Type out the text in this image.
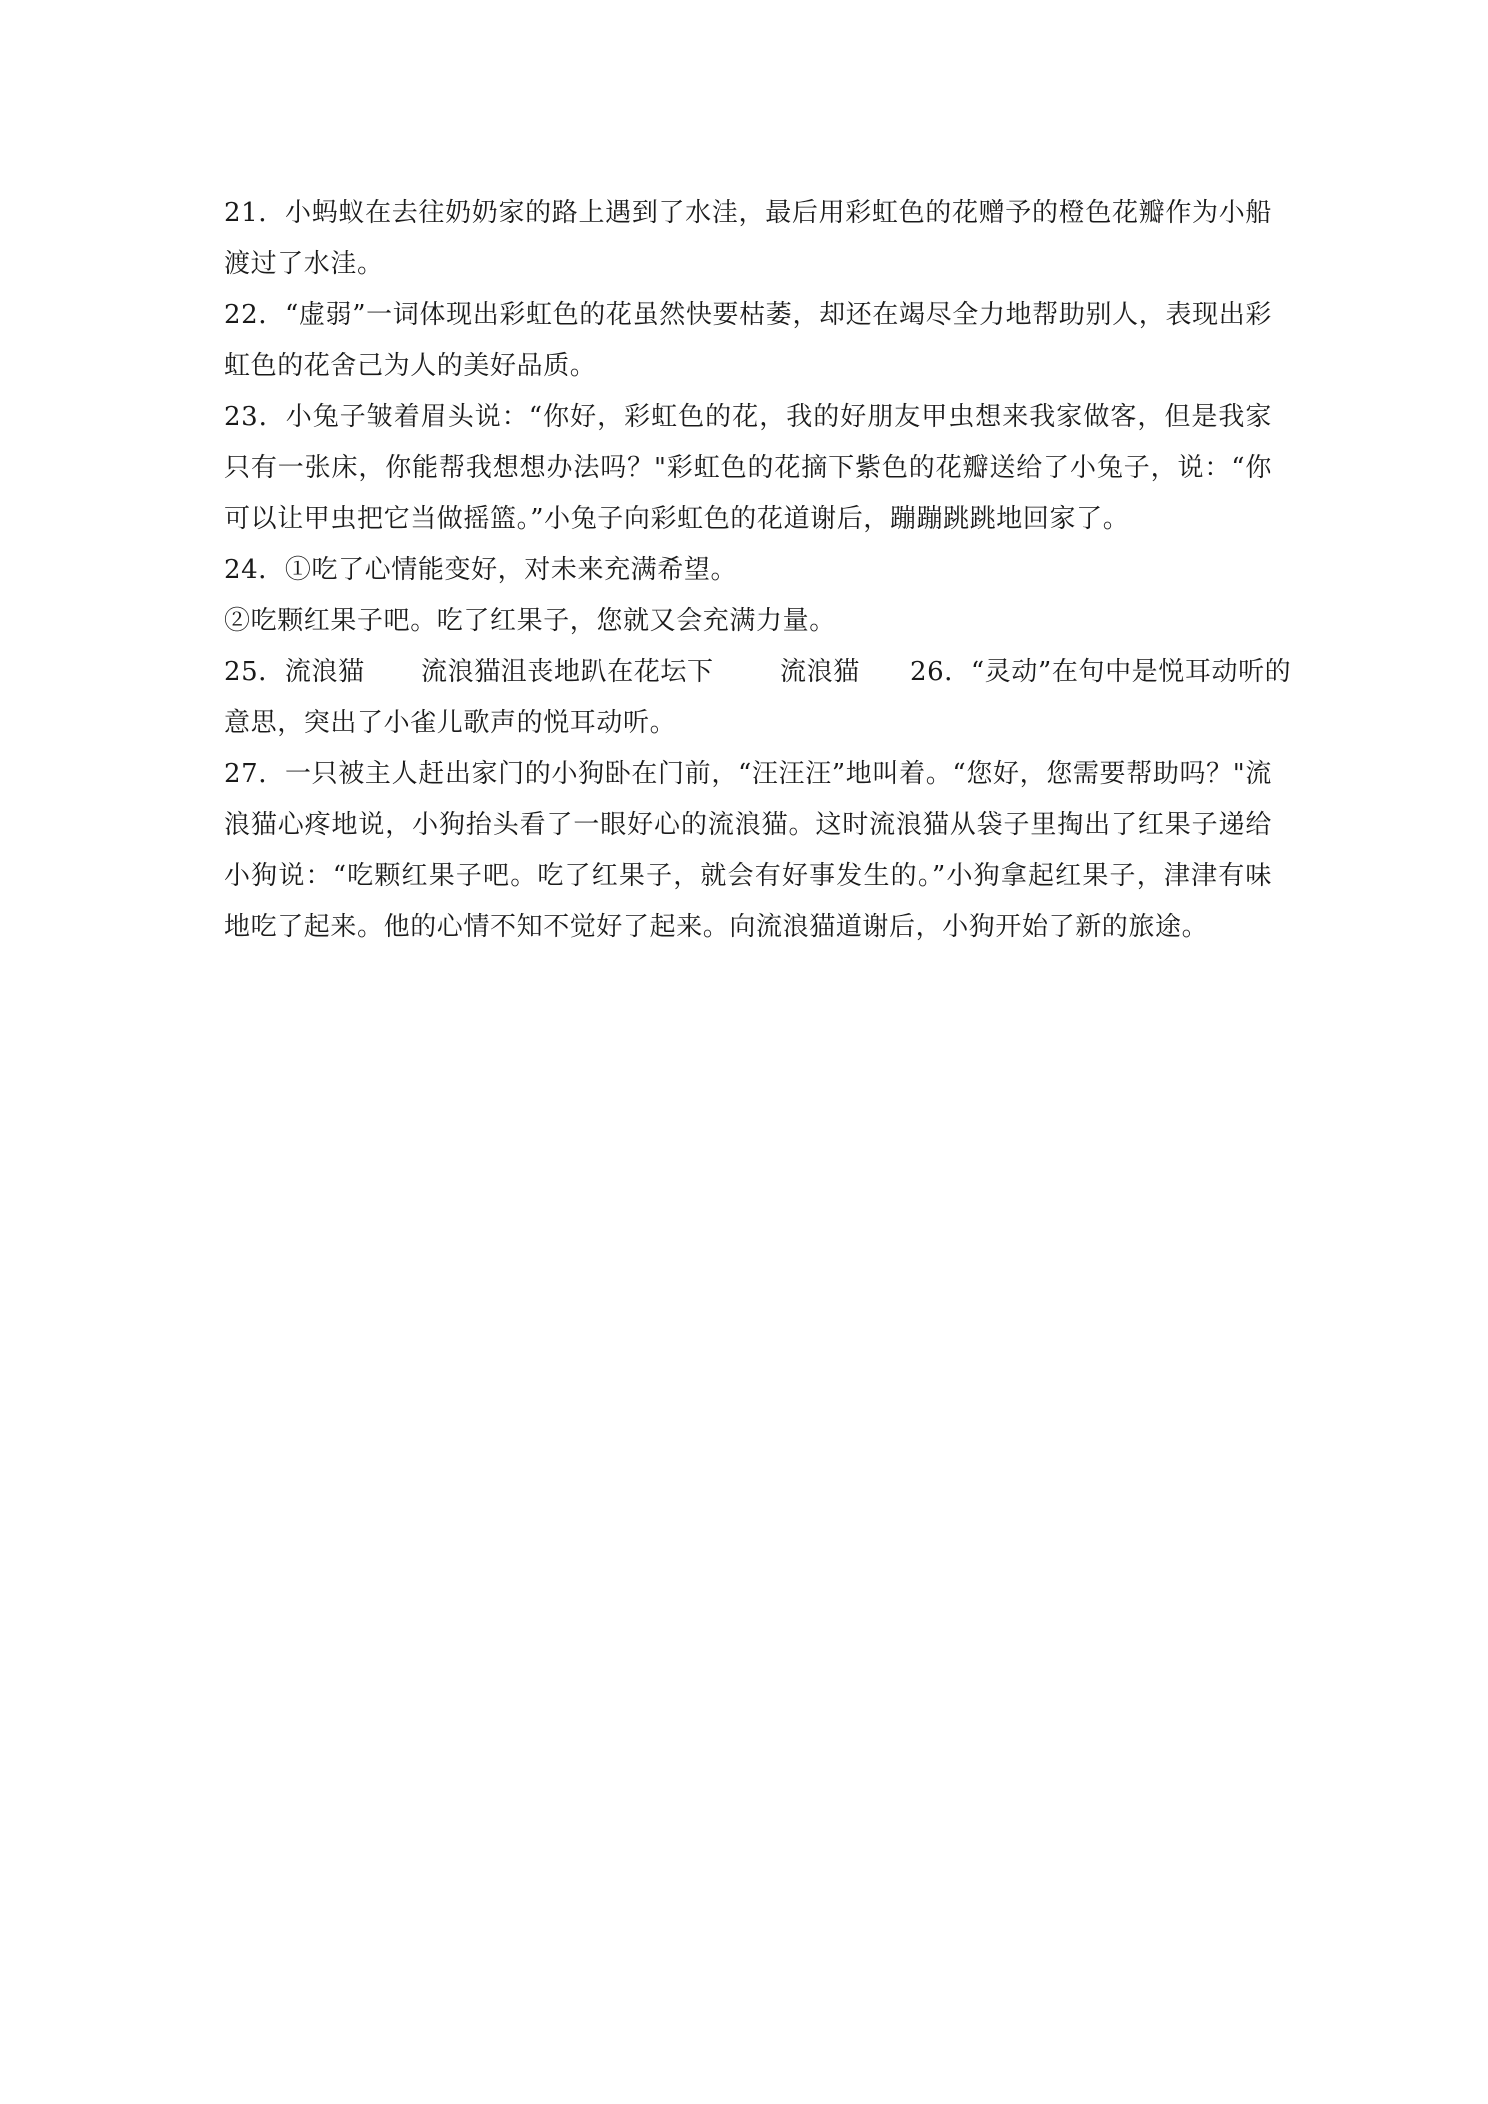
21．小蚂蚁在去往奶奶家的路上遇到了水洼，最后用彩虹色的花赠予的橙色花瓣作为小船渡过了水洼。

22．“虚弱”一词体现出彩虹色的花虽然快要枯萎，却还在竭尽全力地帮助别人，表现出彩虹色的花舍己为人的美好品质。

23．小兔子皱着眉头说：“你好，彩虹色的花，我的好朋友甲虫想来我家做客，但是我家只有一张床，你能帮我想想办法吗？"彩虹色的花摘下紫色的花瓣送给了小兔子，说：“你可以让甲虫把它当做摇篮。”小兔子向彩虹色的花道谢后，蹦蹦跳跳地回家了。

24．①吃了心情能变好，对未来充满希望。

②吃颗红果子吧。吃了红果子，您就又会充满力量。

25．流浪猫 流浪猫沮丧地趴在花坛下	流浪猫 26．“灵动”在句中是悦耳动听的
意思，突出了小雀儿歌声的悦耳动听。

27．一只被主人赶出家门的小狗卧在门前，“汪汪汪”地叫着。“您好，您需要帮助吗？"流浪猫心疼地说，小狗抬头看了一眼好心的流浪猫。这时流浪猫从袋子里掏出了红果子递给小狗说：“吃颗红果子吧。吃了红果子，就会有好事发生的。”小狗拿起红果子，津津有味地吃了起来。他的心情不知不觉好了起来。向流浪猫道谢后，小狗开始了新的旅途。
